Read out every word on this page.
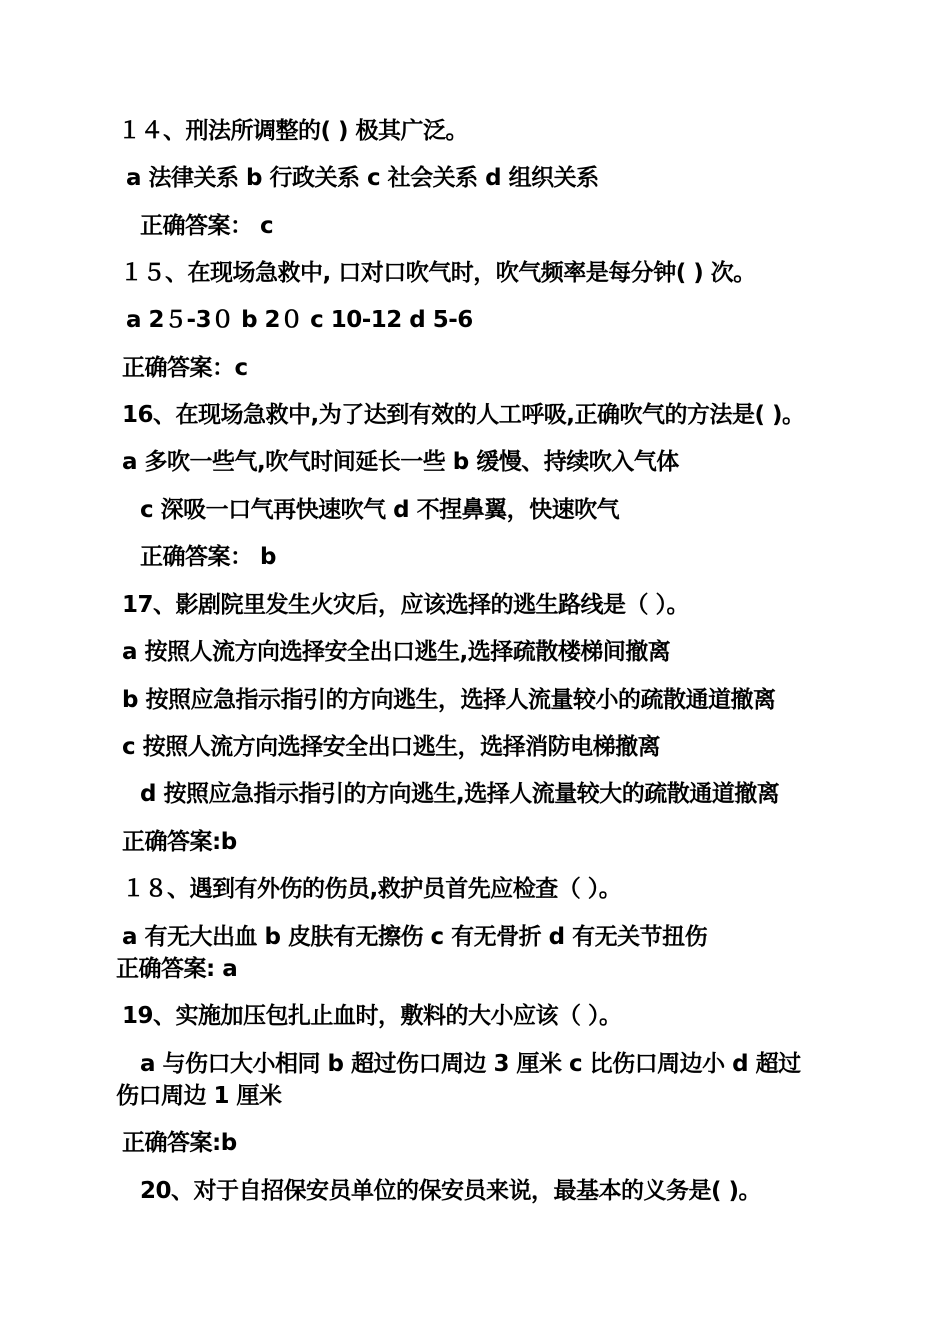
１４、刑法所调整的( ) 极其广泛。
a 法律关系 b 行政关系 c 社会关系 d 组织关系
正确答案： c
１５、在现场急救中, 口对口吹气时，吹气频率是每分钟( ) 次。
a 2５-3０ b 2０ c 10-12 d 5-6
正确答案：c
16、在现场急救中,为了达到有效的人工呼吸,正确吹气的方法是( )。
a 多吹一些气,吹气时间延长一些 b 缓慢、持续吹入气体
c 深吸一口气再快速吹气 d 不捏鼻翼，快速吹气
正确答案： b
17、影剧院里发生火灾后，应该选择的逃生路线是（ ）。
a 按照人流方向选择安全出口逃生,选择疏散楼梯间撤离
b 按照应急指示指引的方向逃生，选择人流量较小的疏散通道撤离
c 按照人流方向选择安全出口逃生，选择消防电梯撤离
d 按照应急指示指引的方向逃生,选择人流量较大的疏散通道撤离
正确答案:b
１８、遇到有外伤的伤员,救护员首先应检查（ ）。
a 有无大出血 b 皮肤有无擦伤 c 有无骨折 d 有无关节扭伤
正确答案: a
19、实施加压包扎止血时，敷料的大小应该（ ）。
a 与伤口大小相同 b 超过伤口周边 3 厘米 c 比伤口周边小 d 超过
伤口周边 1 厘米
正确答案:b
20、对于自招保安员单位的保安员来说，最基本的义务是( )。
